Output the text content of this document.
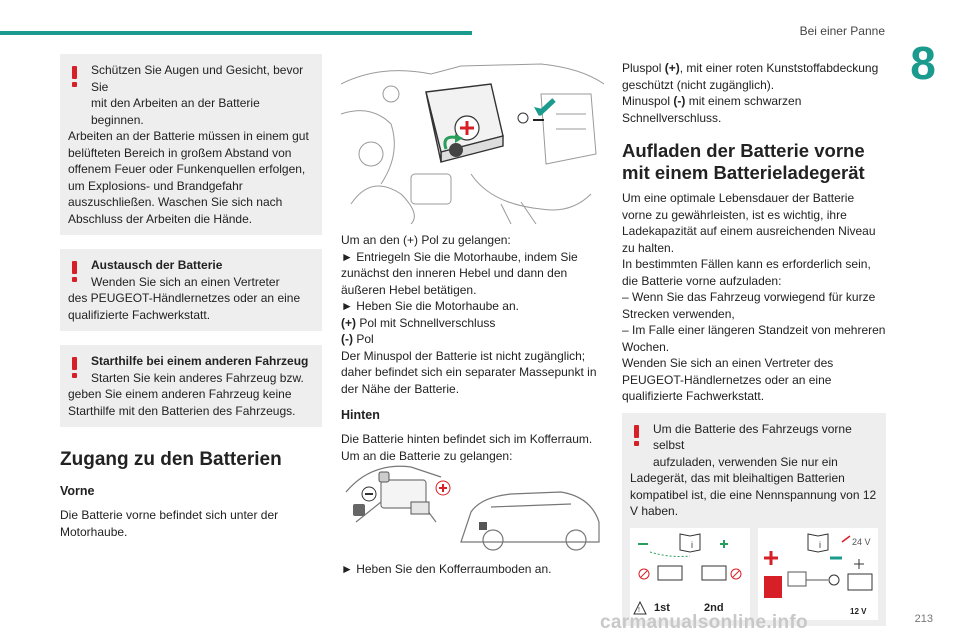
Bei einer Panne
8

Schützen Sie Augen und Gesicht, bevor Sie

mit den Arbeiten an der Batterie beginnen.

Arbeiten an der Batterie müssen in einem gut belüfteten Bereich in großem Abstand von offenem Feuer oder Funkenquellen erfolgen, um Explosions- und Brandgefahr auszuschließen. Waschen Sie sich nach Abschluss der Arbeiten die Hände.

Austausch der Batterie

Wenden Sie sich an einen Vertreter

des PEUGEOT-Händlernetzes oder an eine qualifizierte Fachwerkstatt.

Starthilfe bei einem anderen Fahrzeug

Starten Sie kein anderes Fahrzeug bzw.

geben Sie einem anderen Fahrzeug keine Starthilfe mit den Batterien des Fahrzeugs.

Zugang zu den Batterien
Vorne

Die Batterie vorne befindet sich unter der Motorhaube.

Um an den (+) Pol zu gelangen:

► Entriegeln Sie die Motorhaube, indem Sie zunächst den inneren Hebel und dann den äußeren Hebel betätigen.

► Heben Sie die Motorhaube an.

(+) Pol mit Schnellverschluss

(-) Pol

Der Minuspol der Batterie ist nicht zugänglich; daher befindet sich ein separater Massepunkt in der Nähe der Batterie.

Hinten

Die Batterie hinten befindet sich im Kofferraum.

Um an die Batterie zu gelangen:

► Heben Sie den Kofferraumboden an.

Pluspol (+), mit einer roten Kunststoffabdeckung geschützt (nicht zugänglich).

Minuspol (-) mit einem schwarzen Schnellverschluss.

Aufladen der Batterie vorne mit einem Batterieladegerät

Um eine optimale Lebensdauer der Batterie vorne zu gewährleisten, ist es wichtig, ihre Ladekapazität auf einem ausreichenden Niveau zu halten.

In bestimmten Fällen kann es erforderlich sein, die Batterie vorne aufzuladen:

– Wenn Sie das Fahrzeug vorwiegend für kurze Strecken verwenden,

– Im Falle einer längeren Standzeit von mehreren Wochen.

Wenden Sie sich an einen Vertreter des PEUGEOT-Händlernetzes oder an eine qualifizierte Fachwerkstatt.

Um die Batterie des Fahrzeugs vorne selbst

aufzuladen, verwenden Sie nur ein

Ladegerät, das mit bleihaltigen Batterien kompatibel ist, die eine Nennspannung von 12 V haben.

i
! 1st	2nd
i	24 V
12 V
carmanualsonline.info	213
